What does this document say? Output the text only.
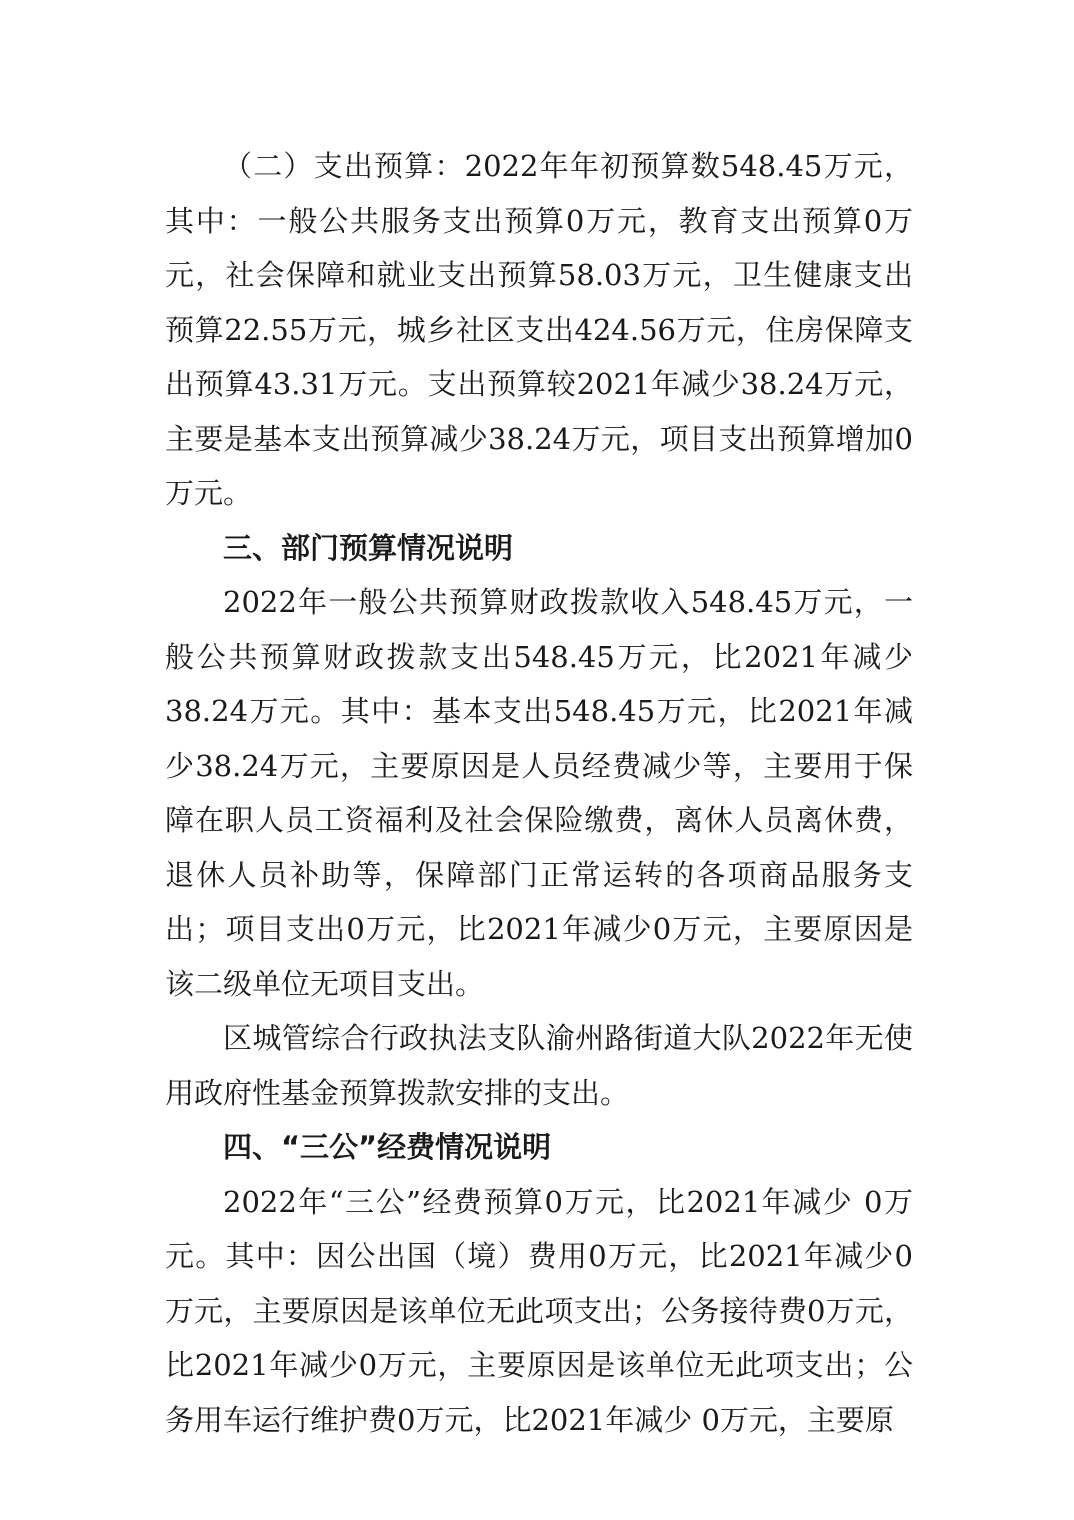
（二）支出预算：2022年年初预算数548.45万元，其中：一般公共服务支出预算0万元，教育支出预算0万元，社会保障和就业支出预算58.03万元，卫生健康支出预算22.55万元，城乡社区支出424.56万元，住房保障支出预算43.31万元。支出预算较2021年减少38.24万元，主要是基本支出预算减少38.24万元，项目支出预算增加0万元。

三、部门预算情况说明

2022年一般公共预算财政拨款收入548.45万元，一般公共预算财政拨款支出548.45万元，比2021年减少38.24万元。其中：基本支出548.45万元，比2021年减少38.24万元，主要原因是人员经费减少等，主要用于保障在职人员工资福利及社会保险缴费，离休人员离休费，退休人员补助等，保障部门正常运转的各项商品服务支出；项目支出0万元，比2021年减少0万元，主要原因是该二级单位无项目支出。

区城管综合行政执法支队渝州路街道大队2022年无使用政府性基金预算拨款安排的支出。

四、“三公”经费情况说明

2022年“三公”经费预算0万元，比2021年减少 0万元。其中：因公出国（境）费用0万元，比2021年减少0万元，主要原因是该单位无此项支出；公务接待费0万元，比2021年减少0万元，主要原因是该单位无此项支出；公务用车运行维护费0万元，比2021年减少 0万元，主要原
